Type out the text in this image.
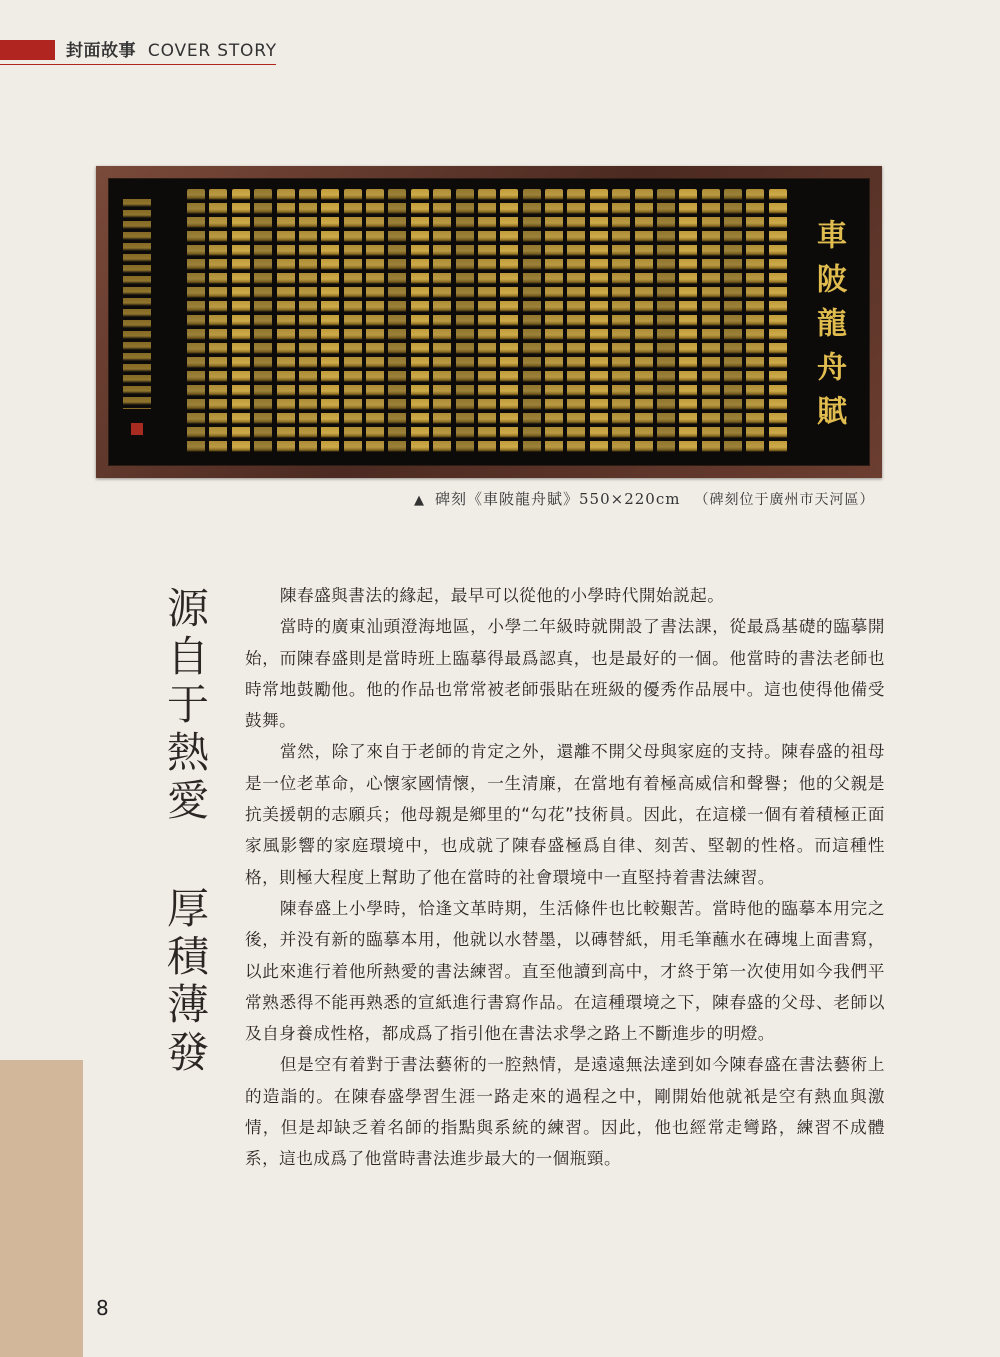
封面故事 COVER STORY
車陂龍舟賦
▲ 碑刻《車陂龍舟賦》550×220cm （碑刻位于廣州市天河區）
源
自
于
熱
愛
厚
積
薄
發

陳春盛與書法的緣起，最早可以從他的小學時代開始説起。

當時的廣東汕頭澄海地區，小學二年級時就開設了書法課，從最爲基礎的臨摹開始，而陳春盛則是當時班上臨摹得最爲認真，也是最好的一個。他當時的書法老師也時常地鼓勵他。他的作品也常常被老師張貼在班級的優秀作品展中。這也使得他備受鼓舞。

當然，除了來自于老師的肯定之外，還離不開父母與家庭的支持。陳春盛的祖母是一位老革命，心懷家國情懷，一生清廉，在當地有着極高威信和聲譽；他的父親是抗美援朝的志願兵；他母親是鄉里的“勾花”技術員。因此，在這樣一個有着積極正面家風影響的家庭環境中，也成就了陳春盛極爲自律、刻苦、堅韌的性格。而這種性格，則極大程度上幫助了他在當時的社會環境中一直堅持着書法練習。

陳春盛上小學時，恰逢文革時期，生活條件也比較艱苦。當時他的臨摹本用完之後，并没有新的臨摹本用，他就以水替墨，以磚替紙，用毛筆蘸水在磚塊上面書寫，以此來進行着他所熱愛的書法練習。直至他讀到高中，才終于第一次使用如今我們平常熟悉得不能再熟悉的宣紙進行書寫作品。在這種環境之下，陳春盛的父母、老師以及自身養成性格，都成爲了指引他在書法求學之路上不斷進步的明燈。

但是空有着對于書法藝術的一腔熱情，是遠遠無法達到如今陳春盛在書法藝術上的造詣的。在陳春盛學習生涯一路走來的過程之中，剛開始他就衹是空有熱血與激情，但是却缺乏着名師的指點與系統的練習。因此，他也經常走彎路，練習不成體系，這也成爲了他當時書法進步最大的一個瓶頸。

8
